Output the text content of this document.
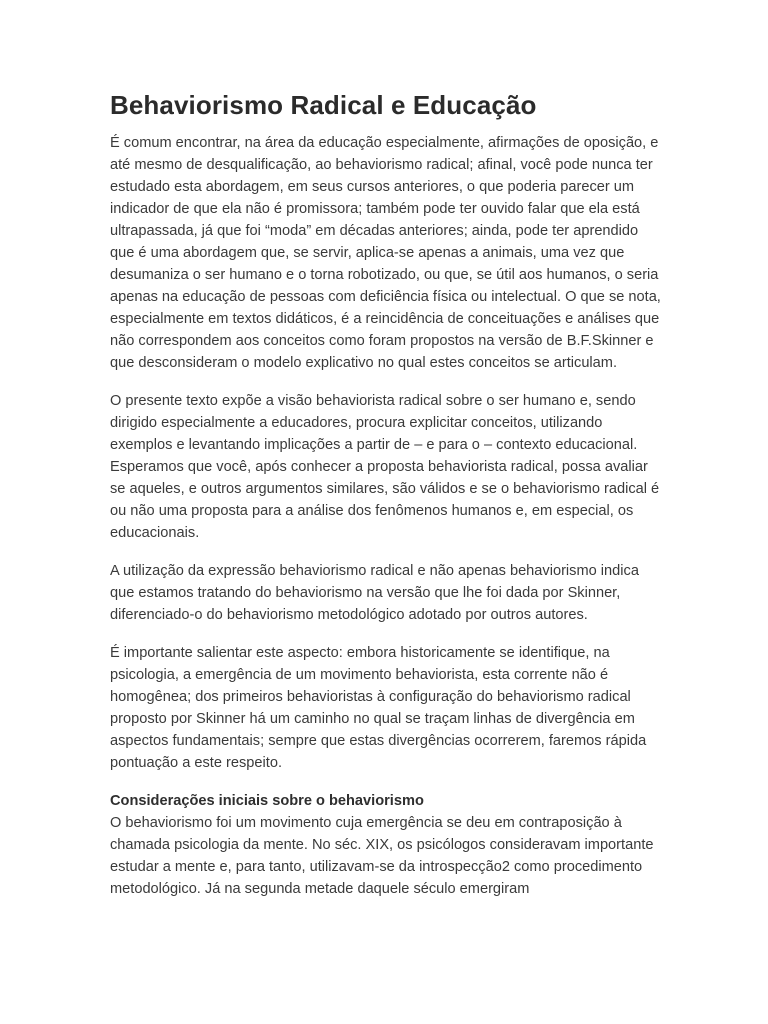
Behaviorismo Radical e Educação

É comum encontrar, na área da educação especialmente, afirmações de oposição, e até mesmo de desqualificação, ao behaviorismo radical; afinal, você pode nunca ter estudado esta abordagem, em seus cursos anteriores, o que poderia parecer um indicador de que ela não é promissora; também pode ter ouvido falar que ela está ultrapassada, já que foi “moda” em décadas anteriores; ainda, pode ter aprendido que é uma abordagem que, se servir, aplica-se apenas a animais, uma vez que desumaniza o ser humano e o torna robotizado, ou que, se útil aos humanos, o seria apenas na educação de pessoas com deficiência física ou intelectual. O que se nota, especialmente em textos didáticos, é a reincidência de conceituações e análises que não correspondem aos conceitos como foram propostos na versão de B.F.Skinner e que desconsideram o modelo explicativo no qual estes conceitos se articulam.

O presente texto expõe a visão behaviorista radical sobre o ser humano e, sendo dirigido especialmente a educadores, procura explicitar conceitos, utilizando exemplos e levantando implicações a partir de – e para o – contexto educacional. Esperamos que você, após conhecer a proposta behaviorista radical, possa avaliar se aqueles, e outros argumentos similares, são válidos e se o behaviorismo radical é ou não uma proposta para a análise dos fenômenos humanos e, em especial, os educacionais.

A utilização da expressão behaviorismo radical e não apenas behaviorismo indica que estamos tratando do behaviorismo na versão que lhe foi dada por Skinner, diferenciado-o do behaviorismo metodológico adotado por outros autores.

É importante salientar este aspecto: embora historicamente se identifique, na psicologia, a emergência de um movimento behaviorista, esta corrente não é homogênea; dos primeiros behavioristas à configuração do behaviorismo radical proposto por Skinner há um caminho no qual se traçam linhas de divergência em aspectos fundamentais; sempre que estas divergências ocorrerem, faremos rápida pontuação a este respeito.

Considerações iniciais sobre o behaviorismo

O behaviorismo foi um movimento cuja emergência se deu em contraposição à chamada psicologia da mente. No séc. XIX, os psicólogos consideravam importante estudar a mente e, para tanto, utilizavam-se da introspecção2 como procedimento metodológico. Já na segunda metade daquele século emergiram
